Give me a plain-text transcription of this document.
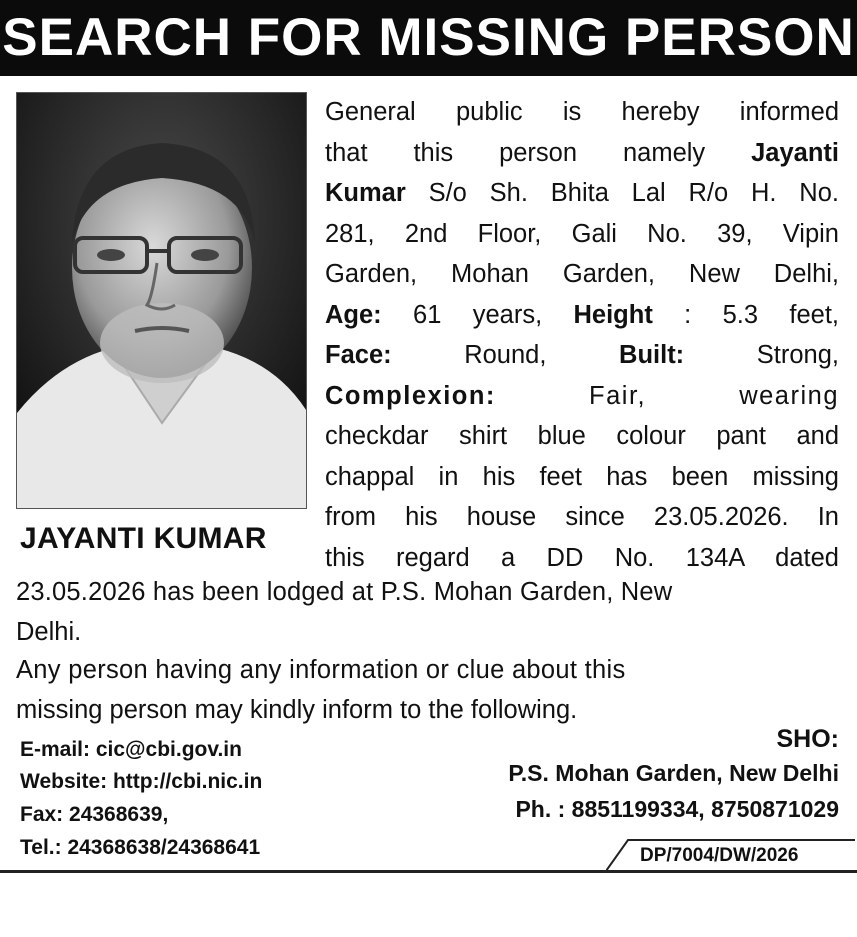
SEARCH FOR MISSING PERSON
JAYANTI KUMAR
General public is hereby informed
that this person namely Jayanti
Kumar S/o Sh. Bhita Lal R/o H. No.
281, 2nd Floor, Gali No. 39, Vipin
Garden, Mohan Garden, New Delhi,
Age: 61 years, Height : 5.3 feet,
Face: Round, Built: Strong,
Complexion: Fair, wearing
checkdar shirt blue colour pant and
chappal in his feet has been missing
from his house since 23.05.2026. In
this regard a DD No. 134A dated
23.05.2026 has been lodged at P.S. Mohan Garden, New
Delhi.
Any person having any information or clue about this
missing person may kindly inform to the following.
E-mail: cic@cbi.gov.in
Website: http://cbi.nic.in
Fax: 24368639,
Tel.: 24368638/24368641
SHO:
P.S. Mohan Garden, New Delhi
Ph. : 8851199334, 8750871029
DP/7004/DW/2026
